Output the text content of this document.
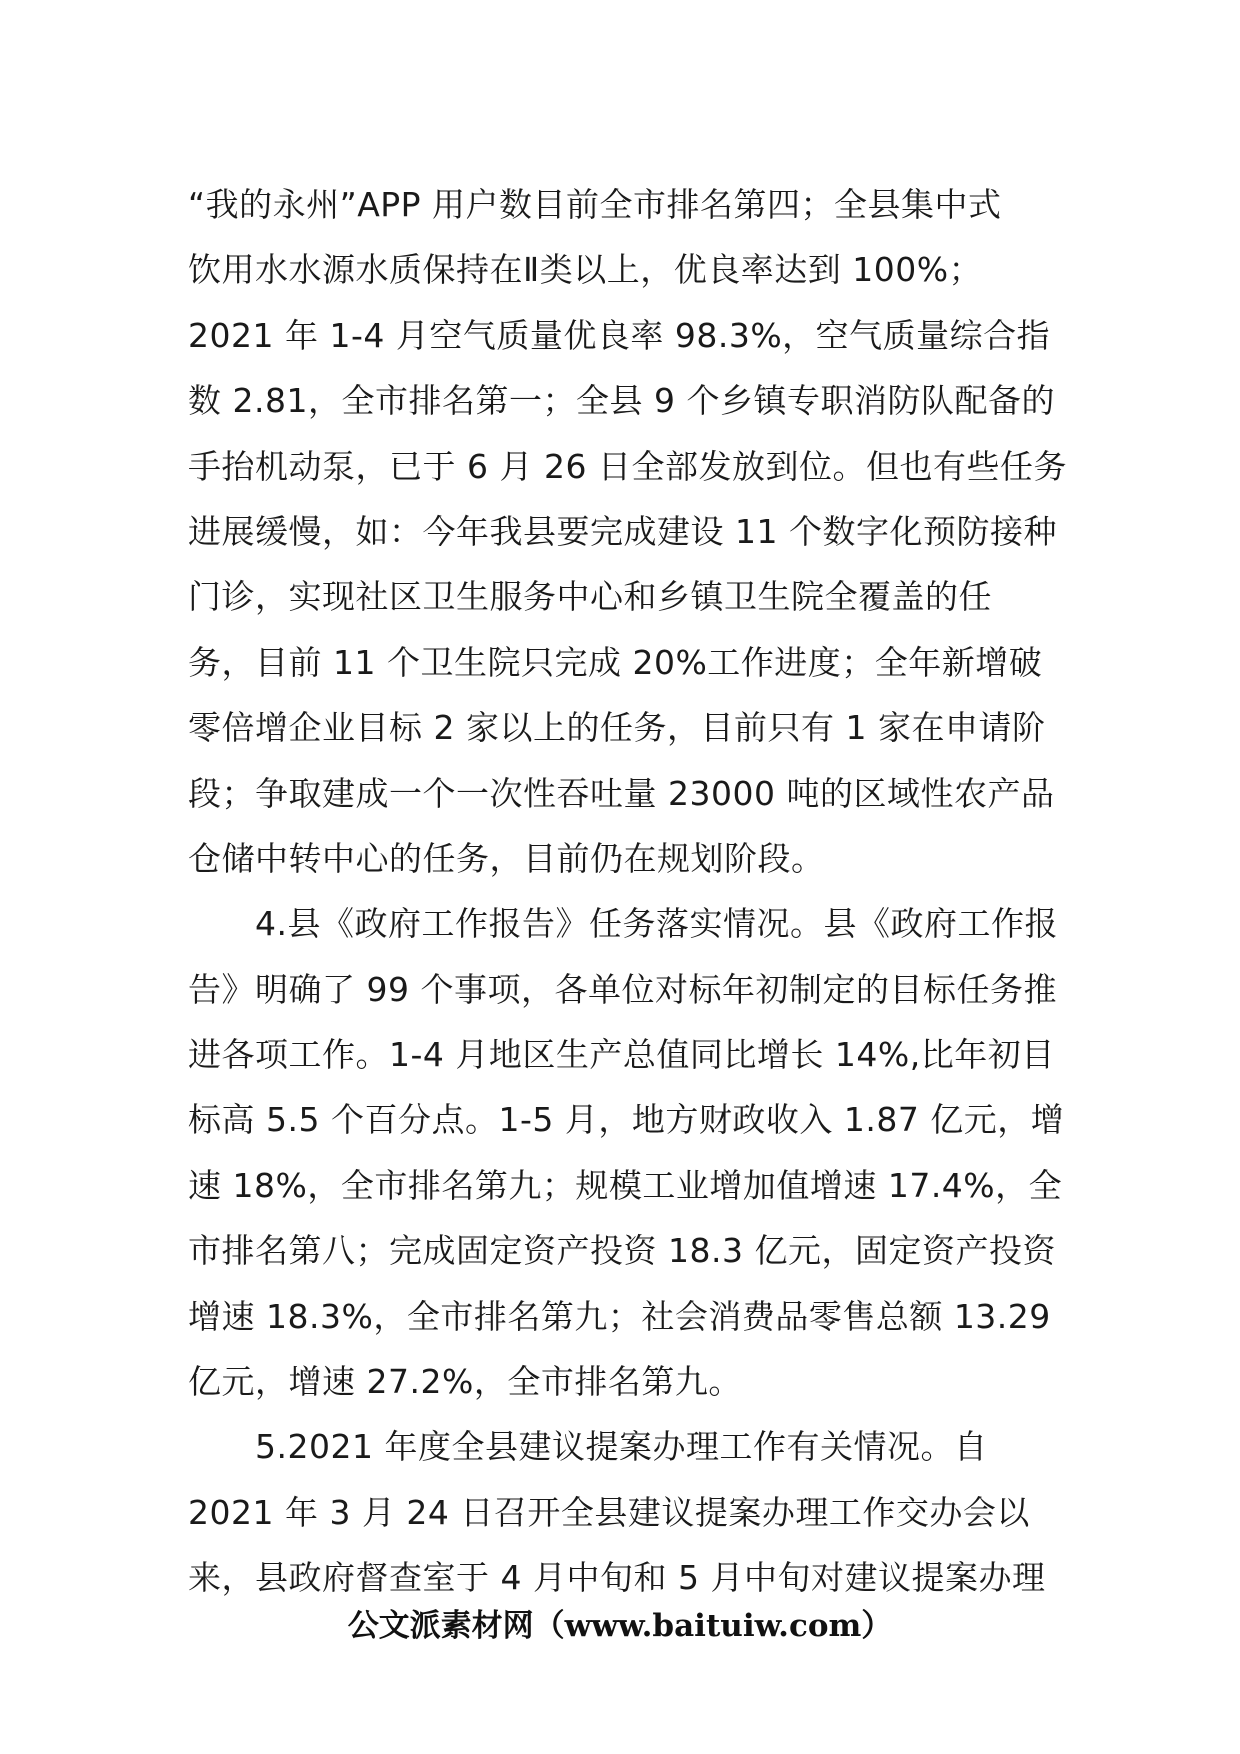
“我的永州”APP 用户数目前全市排名第四；全县集中式
饮用水水源水质保持在Ⅱ类以上，优良率达到 100%；
2021 年 1-4 月空气质量优良率 98.3%，空气质量综合指
数 2.81，全市排名第一；全县 9 个乡镇专职消防队配备的
手抬机动泵，已于 6 月 26 日全部发放到位。但也有些任务
进展缓慢，如：今年我县要完成建设 11 个数字化预防接种
门诊，实现社区卫生服务中心和乡镇卫生院全覆盖的任
务，目前 11 个卫生院只完成 20%工作进度；全年新增破
零倍增企业目标 2 家以上的任务，目前只有 1 家在申请阶
段；争取建成一个一次性吞吐量 23000 吨的区域性农产品
仓储中转中心的任务，目前仍在规划阶段。
　　4.县《政府工作报告》任务落实情况。县《政府工作报
告》明确了 99 个事项，各单位对标年初制定的目标任务推
进各项工作。1-4 月地区生产总值同比增长 14%,比年初目
标高 5.5 个百分点。1-5 月，地方财政收入 1.87 亿元，增
速 18%，全市排名第九；规模工业增加值增速 17.4%，全
市排名第八；完成固定资产投资 18.3 亿元，固定资产投资
增速 18.3%，全市排名第九；社会消费品零售总额 13.29
亿元，增速 27.2%，全市排名第九。
　　5.2021 年度全县建议提案办理工作有关情况。自
2021 年 3 月 24 日召开全县建议提案办理工作交办会以
来，县政府督查室于 4 月中旬和 5 月中旬对建议提案办理
公文派素材网（www.baituiw.com）
